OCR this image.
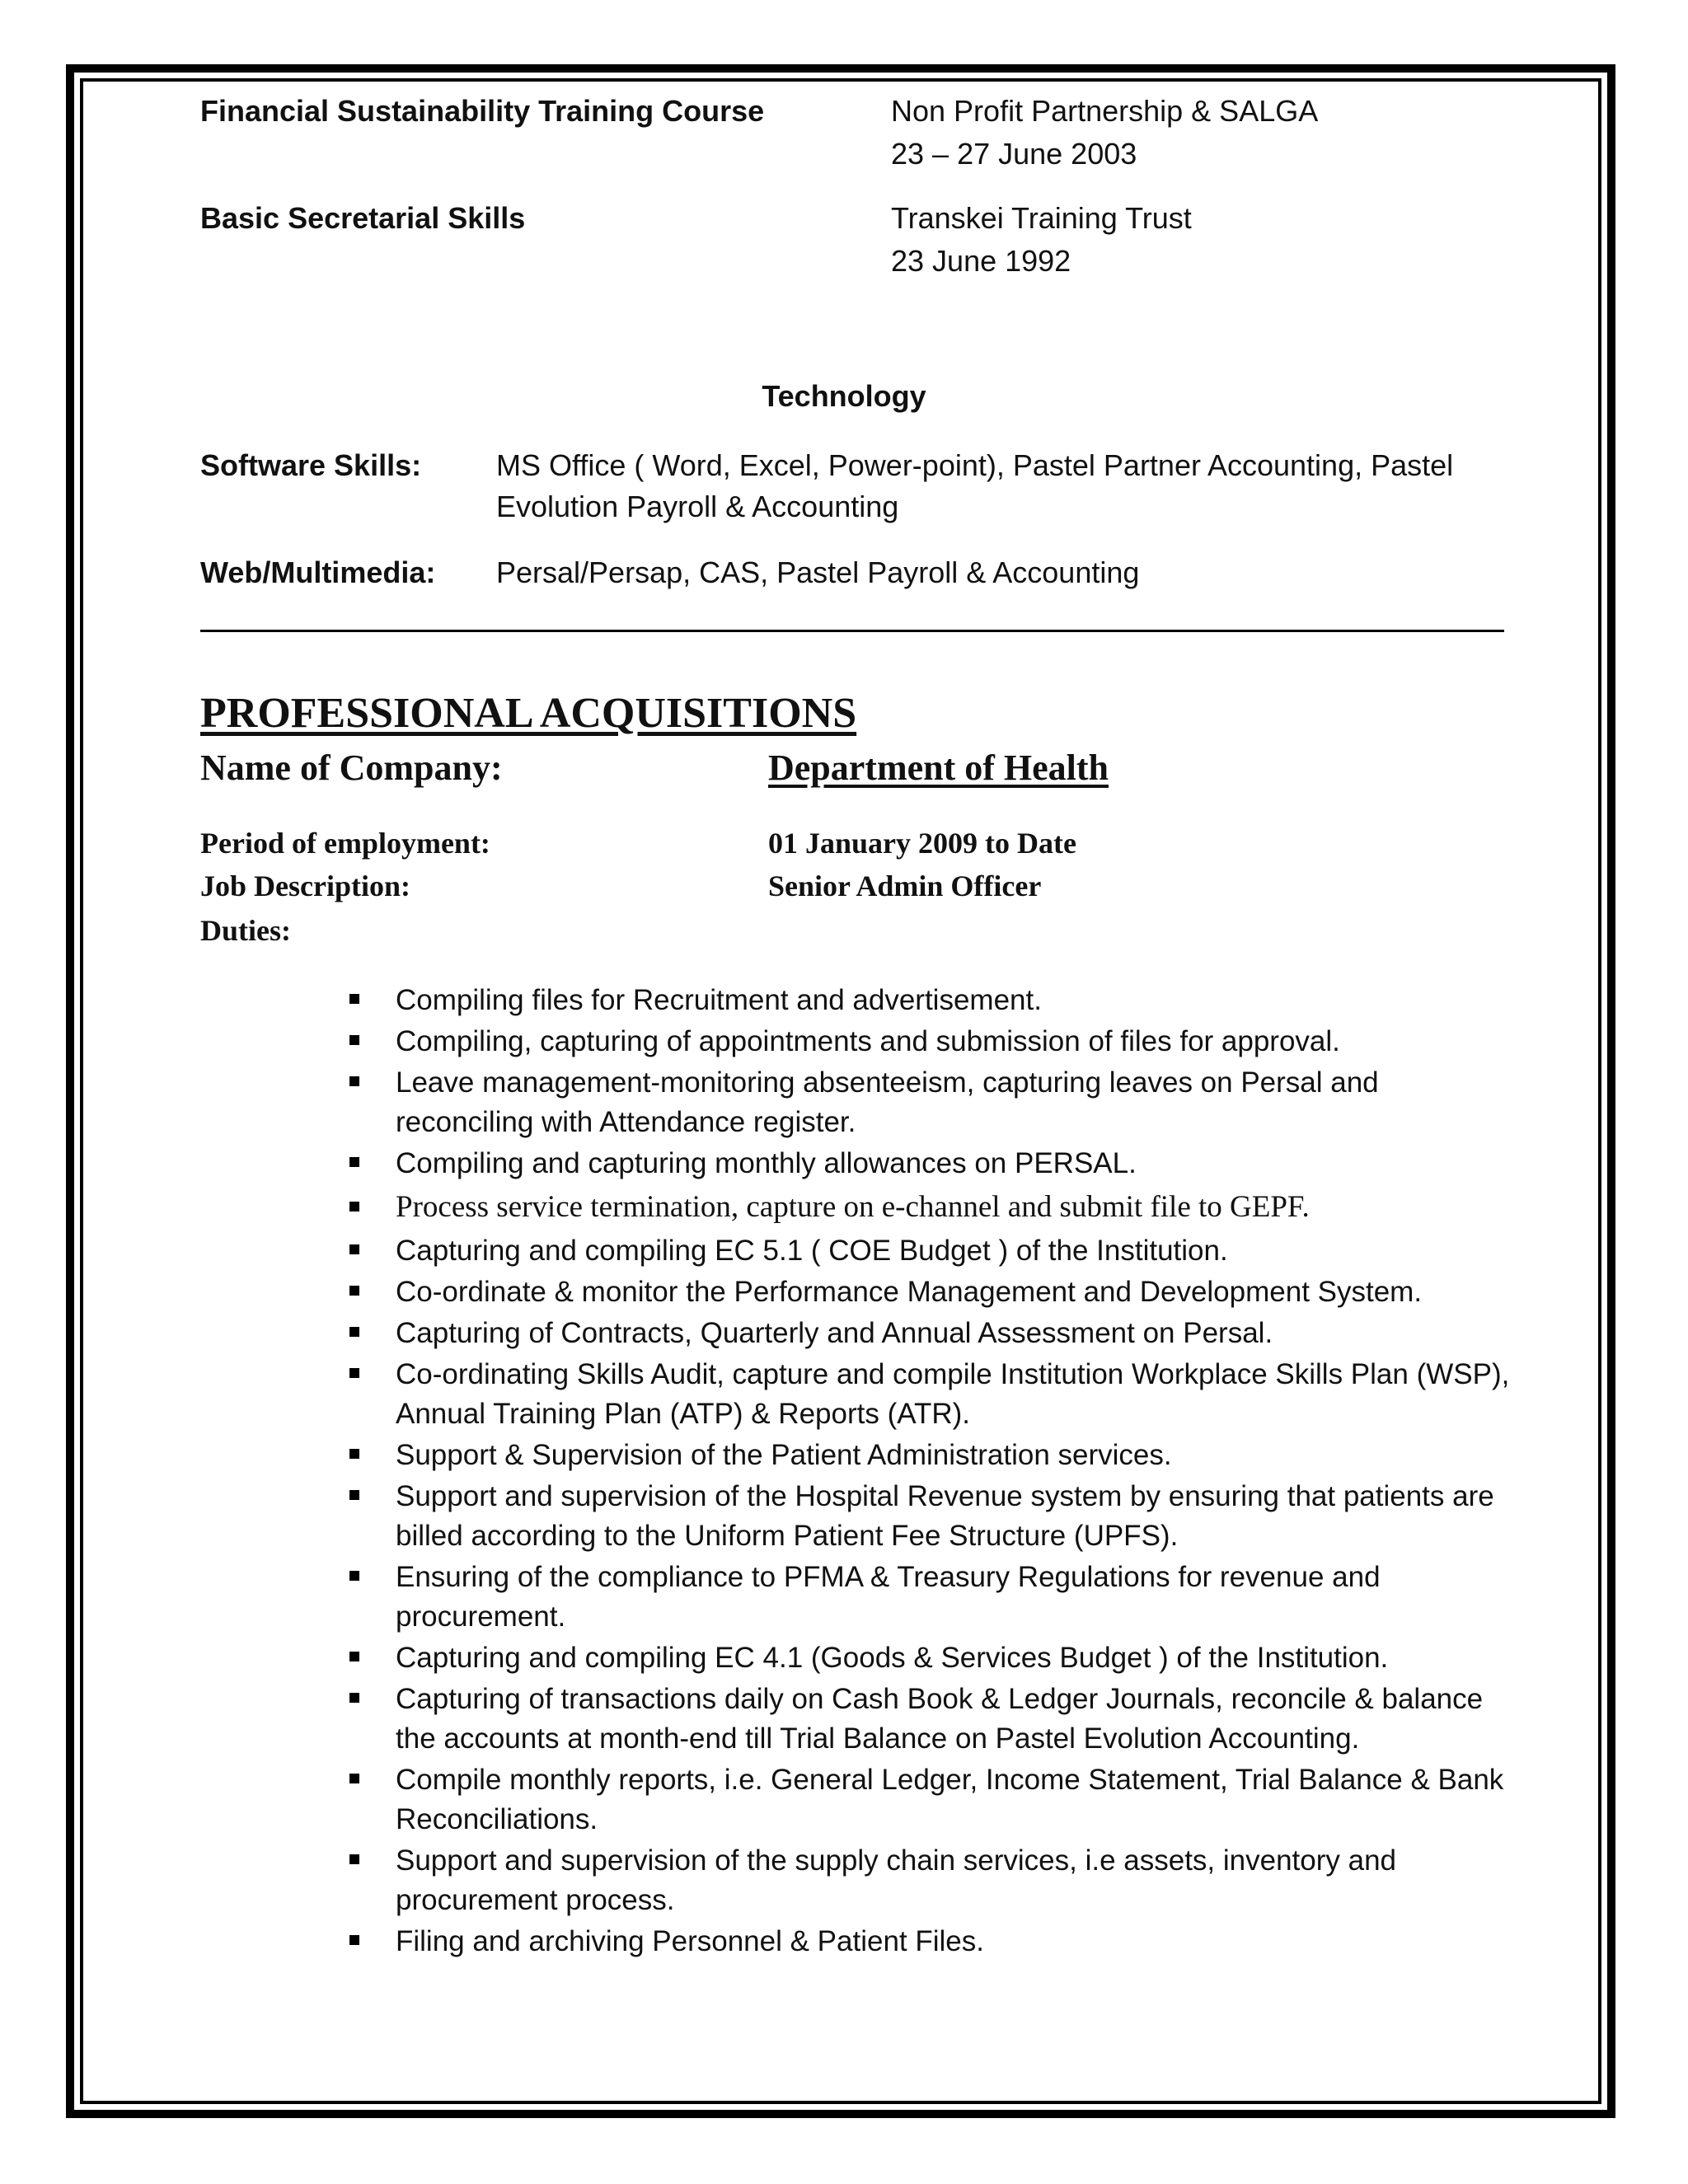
Financial Sustainability Training Course	Non Profit Partnership & SALGA
23 – 27 June 2003
Basic Secretarial Skills	Transkei Training Trust
23 June 1992
Technology
Software Skills:	MS Office ( Word, Excel, Power-point), Pastel Partner Accounting, Pastel
Evolution Payroll & Accounting
Web/Multimedia: Persal/Persap, CAS, Pastel Payroll & Accounting
PROFESSIONAL ACQUISITIONS
Name of Company:	Department of Health
Period of employment:	01 January 2009 to Date
Job Description:	Senior Admin Officer
Duties:
Compiling files for Recruitment and advertisement.
Compiling, capturing of appointments and submission of files for approval.
Leave management-monitoring absenteeism, capturing leaves on Persal and reconciling with Attendance register.
Compiling and capturing monthly allowances on PERSAL.
Process service termination, capture on e-channel and submit file to GEPF.
Capturing and compiling EC 5.1 ( COE Budget ) of the Institution.
Co-ordinate & monitor the Performance Management and Development System.
Capturing of Contracts, Quarterly and Annual Assessment on Persal.
Co-ordinating Skills Audit, capture and compile Institution Workplace Skills Plan (WSP), Annual Training Plan (ATP) & Reports (ATR).
Support & Supervision of the Patient Administration services.
Support and supervision of the Hospital Revenue system by ensuring that patients are billed according to the Uniform Patient Fee Structure (UPFS).
Ensuring of the compliance to PFMA & Treasury Regulations for revenue and procurement.
Capturing and compiling EC 4.1 (Goods & Services Budget ) of the Institution.
Capturing of transactions daily on Cash Book & Ledger Journals, reconcile & balance the accounts at month-end till Trial Balance on Pastel Evolution Accounting.
Compile monthly reports, i.e. General Ledger, Income Statement, Trial Balance & Bank Reconciliations.
Support and supervision of the supply chain services, i.e assets, inventory and procurement process.
Filing and archiving Personnel & Patient Files.
